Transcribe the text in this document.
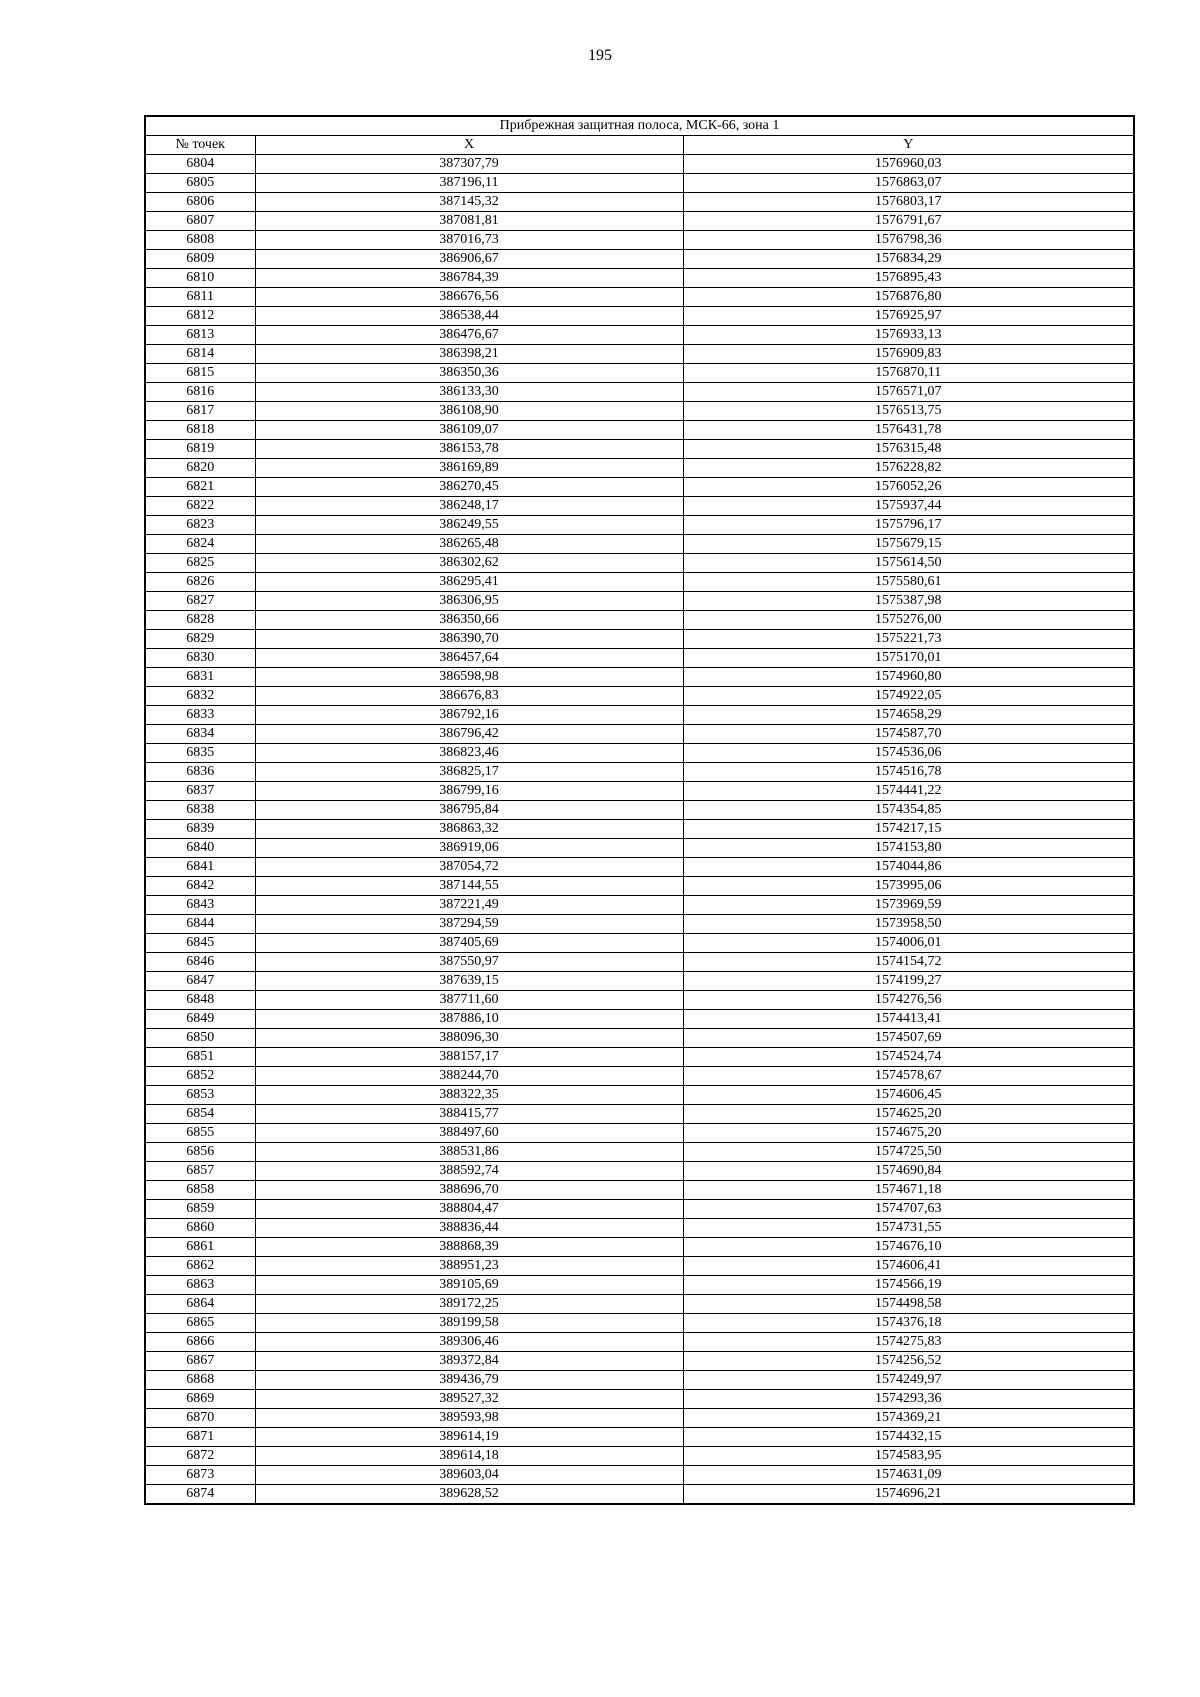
195
Прибрежная защитная полоса, МСК-66, зона 1		
№ точек	X	Y
6804	387307,79	1576960,03
6805	387196,11	1576863,07
6806	387145,32	1576803,17
6807	387081,81	1576791,67
6808	387016,73	1576798,36
6809	386906,67	1576834,29
6810	386784,39	1576895,43
6811	386676,56	1576876,80
6812	386538,44	1576925,97
6813	386476,67	1576933,13
6814	386398,21	1576909,83
6815	386350,36	1576870,11
6816	386133,30	1576571,07
6817	386108,90	1576513,75
6818	386109,07	1576431,78
6819	386153,78	1576315,48
6820	386169,89	1576228,82
6821	386270,45	1576052,26
6822	386248,17	1575937,44
6823	386249,55	1575796,17
6824	386265,48	1575679,15
6825	386302,62	1575614,50
6826	386295,41	1575580,61
6827	386306,95	1575387,98
6828	386350,66	1575276,00
6829	386390,70	1575221,73
6830	386457,64	1575170,01
6831	386598,98	1574960,80
6832	386676,83	1574922,05
6833	386792,16	1574658,29
6834	386796,42	1574587,70
6835	386823,46	1574536,06
6836	386825,17	1574516,78
6837	386799,16	1574441,22
6838	386795,84	1574354,85
6839	386863,32	1574217,15
6840	386919,06	1574153,80
6841	387054,72	1574044,86
6842	387144,55	1573995,06
6843	387221,49	1573969,59
6844	387294,59	1573958,50
6845	387405,69	1574006,01
6846	387550,97	1574154,72
6847	387639,15	1574199,27
6848	387711,60	1574276,56
6849	387886,10	1574413,41
6850	388096,30	1574507,69
6851	388157,17	1574524,74
6852	388244,70	1574578,67
6853	388322,35	1574606,45
6854	388415,77	1574625,20
6855	388497,60	1574675,20
6856	388531,86	1574725,50
6857	388592,74	1574690,84
6858	388696,70	1574671,18
6859	388804,47	1574707,63
6860	388836,44	1574731,55
6861	388868,39	1574676,10
6862	388951,23	1574606,41
6863	389105,69	1574566,19
6864	389172,25	1574498,58
6865	389199,58	1574376,18
6866	389306,46	1574275,83
6867	389372,84	1574256,52
6868	389436,79	1574249,97
6869	389527,32	1574293,36
6870	389593,98	1574369,21
6871	389614,19	1574432,15
6872	389614,18	1574583,95
6873	389603,04	1574631,09
6874	389628,52	1574696,21
